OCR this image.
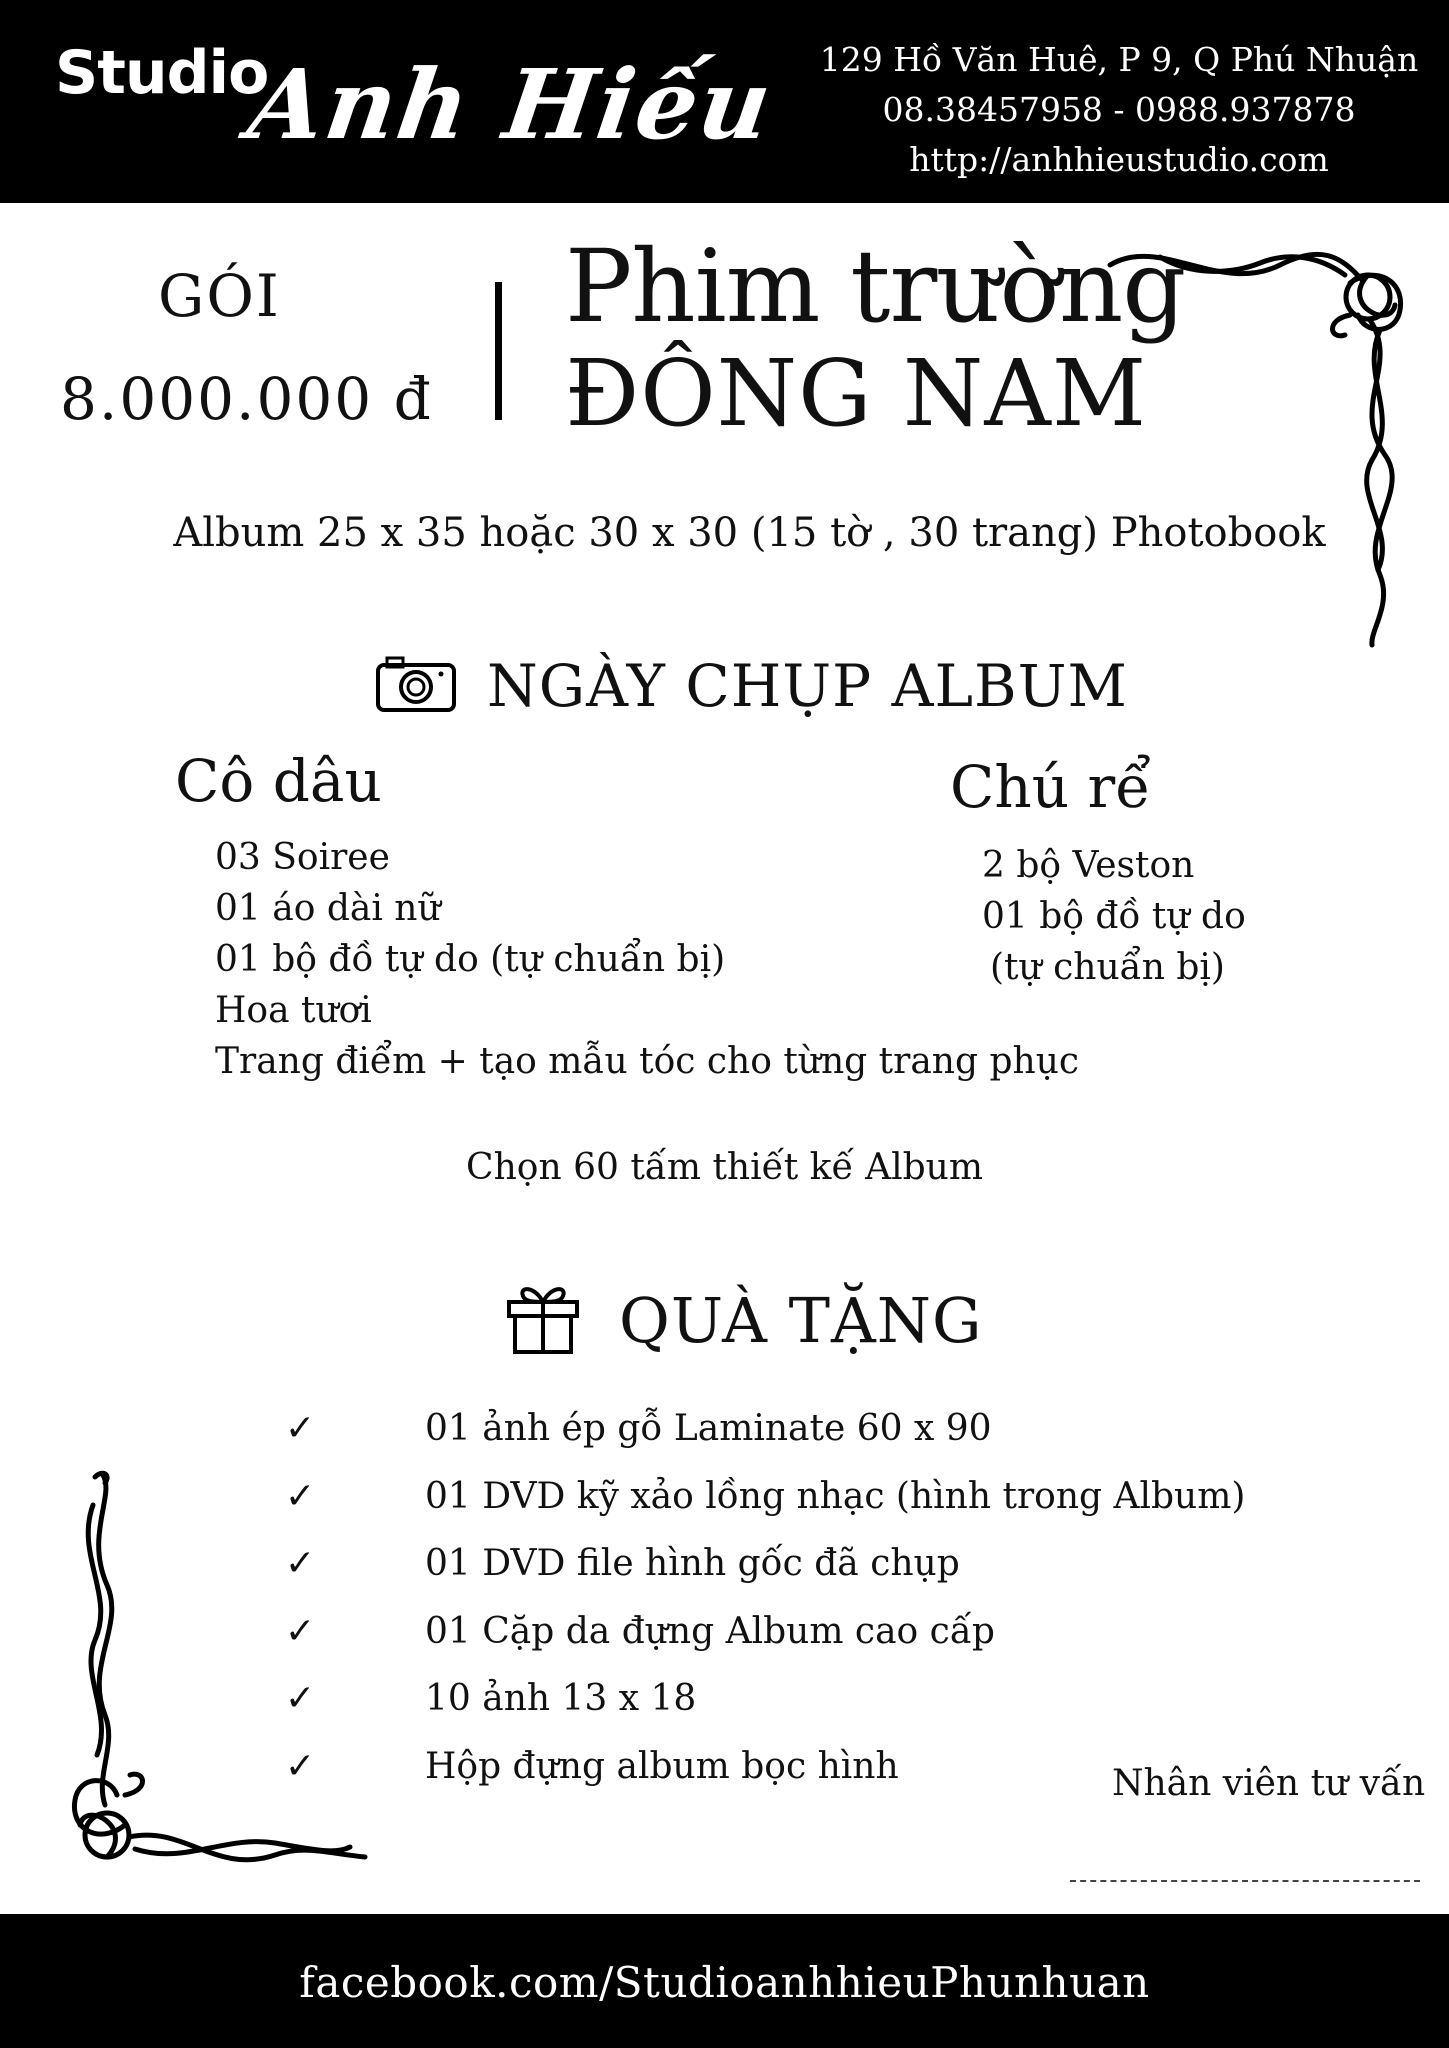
Studio
Anh Hiếu 129 Hồ Văn Huê, P 9, Q Phú Nhuận
08.38457958 - 0988.937878
http://anhhieustudio.com
GÓI
8.000.000 đ
Phim trường
ĐÔNG NAM
Album 25 x 35 hoặc 30 x 30 (15 tờ , 30 trang) Photobook
NGÀY CHỤP ALBUM
Cô dâu
03 Soiree
01 áo dài nữ
01 bộ đồ tự do (tự chuẩn bị)
Hoa tươi
Trang điểm + tạo mẫu tóc cho từng trang phục
Chú rể
2 bộ Veston
01 bộ đồ tự do
(tự chuẩn bị)
Chọn 60 tấm thiết kế Album
QUÀ TẶNG
✓	01 ảnh ép gỗ Laminate 60 x 90
✓	01 DVD kỹ xảo lồng nhạc (hình trong Album)
✓	01 DVD file hình gốc đã chụp
✓	01 Cặp da đựng Album cao cấp
✓	10 ảnh 13 x 18
✓	Hộp đựng album bọc hình	Nhân viên tư vấn
facebook.com/StudioanhhieuPhunhuan
